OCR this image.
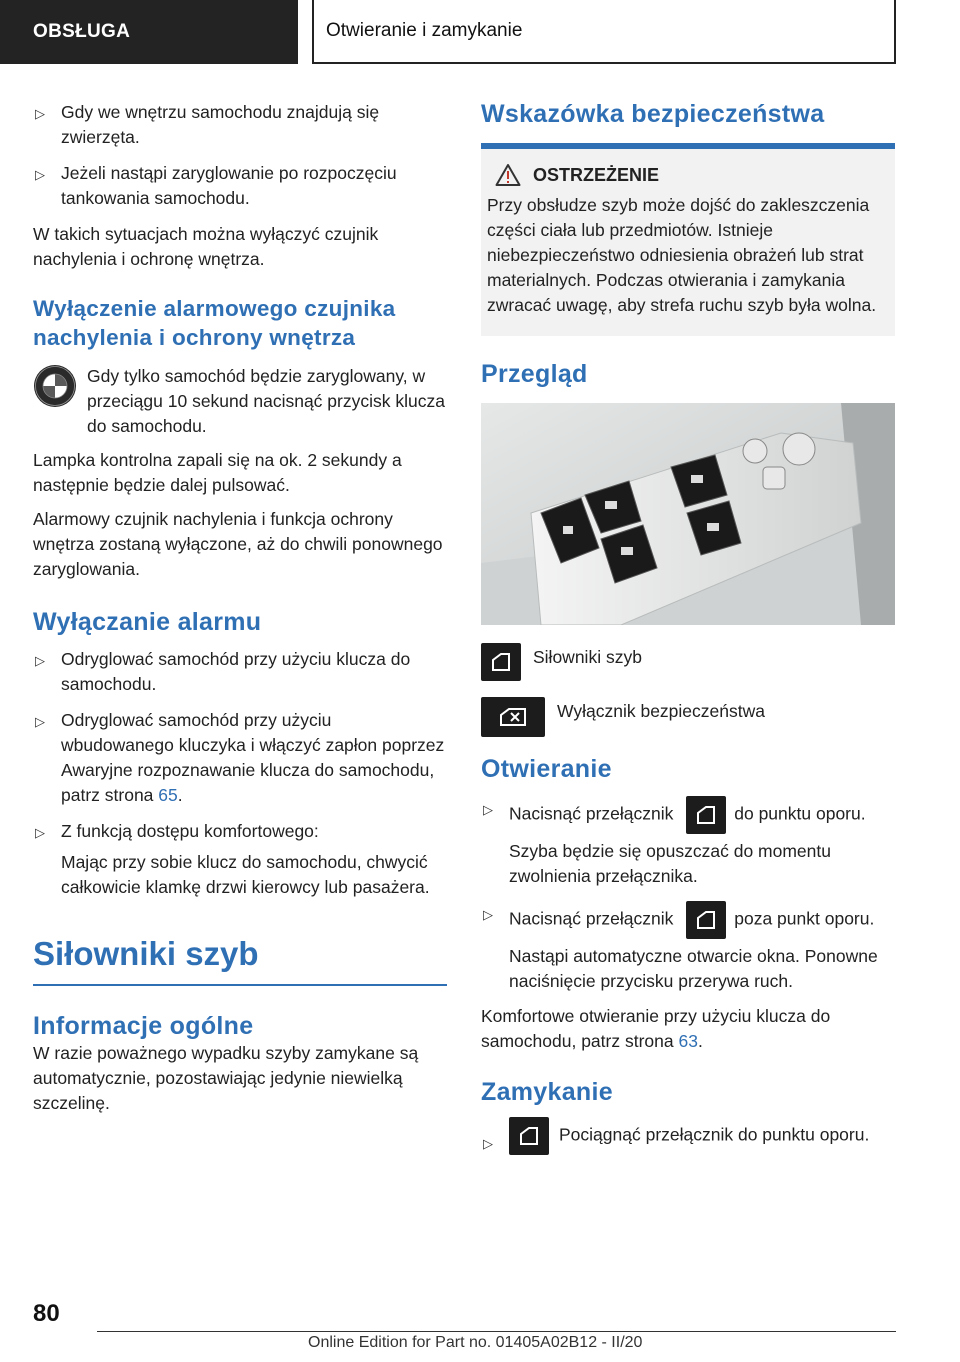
OBSŁUGA	Otwieranie i zamykanie

▷ Gdy we wnętrzu samochodu znajdują się zwierzęta.

▷ Jeżeli nastąpi zaryglowanie po rozpoczęciu tankowania samochodu.

W takich sytuacjach można wyłączyć czujnik nachylenia i ochronę wnętrza.

Wyłączenie alarmowego czujnika nachylenia i ochrony wnętrza

Gdy tylko samochód będzie zaryglowany, w przeciągu 10 sekund nacisnąć przycisk klucza do samochodu.

Lampka kontrolna zapali się na ok. 2 sekundy a następnie będzie dalej pulsować.

Alarmowy czujnik nachylenia i funkcja ochrony wnętrza zostaną wyłączone, aż do chwili ponownego zaryglowania.

Wyłączanie alarmu

▷ Odryglować samochód przy użyciu klucza do samochodu.

▷ Odryglować samochód przy użyciu wbudowanego kluczyka i włączyć zapłon poprzez Awaryjne rozpoznawanie klucza do samochodu, patrz strona 65.

▷ Z funkcją dostępu komfortowego:

Mając przy sobie klucz do samochodu, chwycić całkowicie klamkę drzwi kierowcy lub pasażera.

Siłowniki szyb
Informacje ogólne

W razie poważnego wypadku szyby zamykane są automatycznie, pozostawiając jedynie niewielką szczelinę.

Wskazówka bezpieczeństwa
OSTRZEŻENIE

Przy obsłudze szyb może dojść do zakleszczenia części ciała lub przedmiotów. Istnieje niebezpieczeństwo odniesienia obrażeń lub strat materialnych. Podczas otwierania i zamykania zwracać uwagę, aby strefa ruchu szyb była wolna.

Przegląd

Siłowniki szyb

Wyłącznik bezpieczeństwa

Otwieranie

▷ Nacisnąć przełącznik	do punktu oporu.

Szyba będzie się opuszczać do momentu zwolnienia przełącznika.

▷ Nacisnąć przełącznik	poza punkt oporu.

Nastąpi automatyczne otwarcie okna. Ponowne naciśnięcie przycisku przerywa ruch.

Komfortowe otwieranie przy użyciu klucza do samochodu, patrz strona 63.

Zamykanie

▷	Pociągnąć przełącznik do punktu oporu.

80
Online Edition for Part no. 01405A02B12 - II/20
